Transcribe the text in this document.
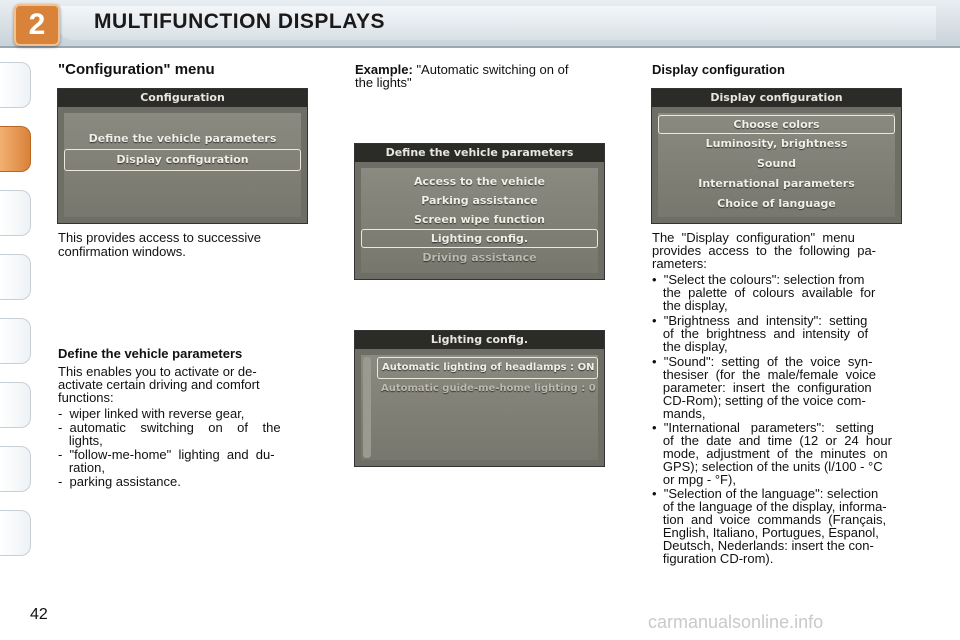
2	MULTIFUNCTION DISPLAYS
"Configuration" menu
Configuration
Define the vehicle parameters
Display configuration
This provides access to successive
confirmation windows.
Define the vehicle parameters
This enables you to activate or de-
activate certain driving and comfort
functions:
-  wiper linked with reverse gear,
-  automatic    switching    on    of    the
lights,
-  "follow-me-home"  lighting  and  du-
ration,
-  parking assistance.
Example: "Automatic switching on of
the lights"
Define the vehicle parameters
Access to the vehicle
Parking assistance
Screen wipe function
Lighting config.
Driving assistance
Lighting config.
Automatic lighting of headlamps : ON
Automatic guide-me-home lighting : 0
Display configuration
Display configuration
Choose colors
Luminosity, brightness
Sound
International parameters
Choice of language
The  "Display  configuration"  menu
provides  access  to  the  following  pa-
rameters:
•  "Select the colours": selection from
the  palette  of  colours  available  for
the display,
•  "Brightness  and  intensity":  setting
of  the  brightness  and  intensity  of
the display,
•  "Sound":  setting  of  the  voice  syn-
thesiser  (for  the  male/female  voice
parameter:  insert  the  configuration
CD-Rom); setting of the voice com-
mands,
•  "International   parameters":   setting
of  the  date  and  time  (12  or  24  hour
mode,  adjustment  of  the  minutes  on
GPS); selection of the units (l/100 - °C
or mpg - °F),
•  "Selection of the language": selection
of the language of the display, informa-
tion  and  voice  commands  (Français,
English, Italiano, Portugues, Espanol,
Deutsch, Nederlands: insert the con-
figuration CD-rom).
42	carmanualsonline.info
